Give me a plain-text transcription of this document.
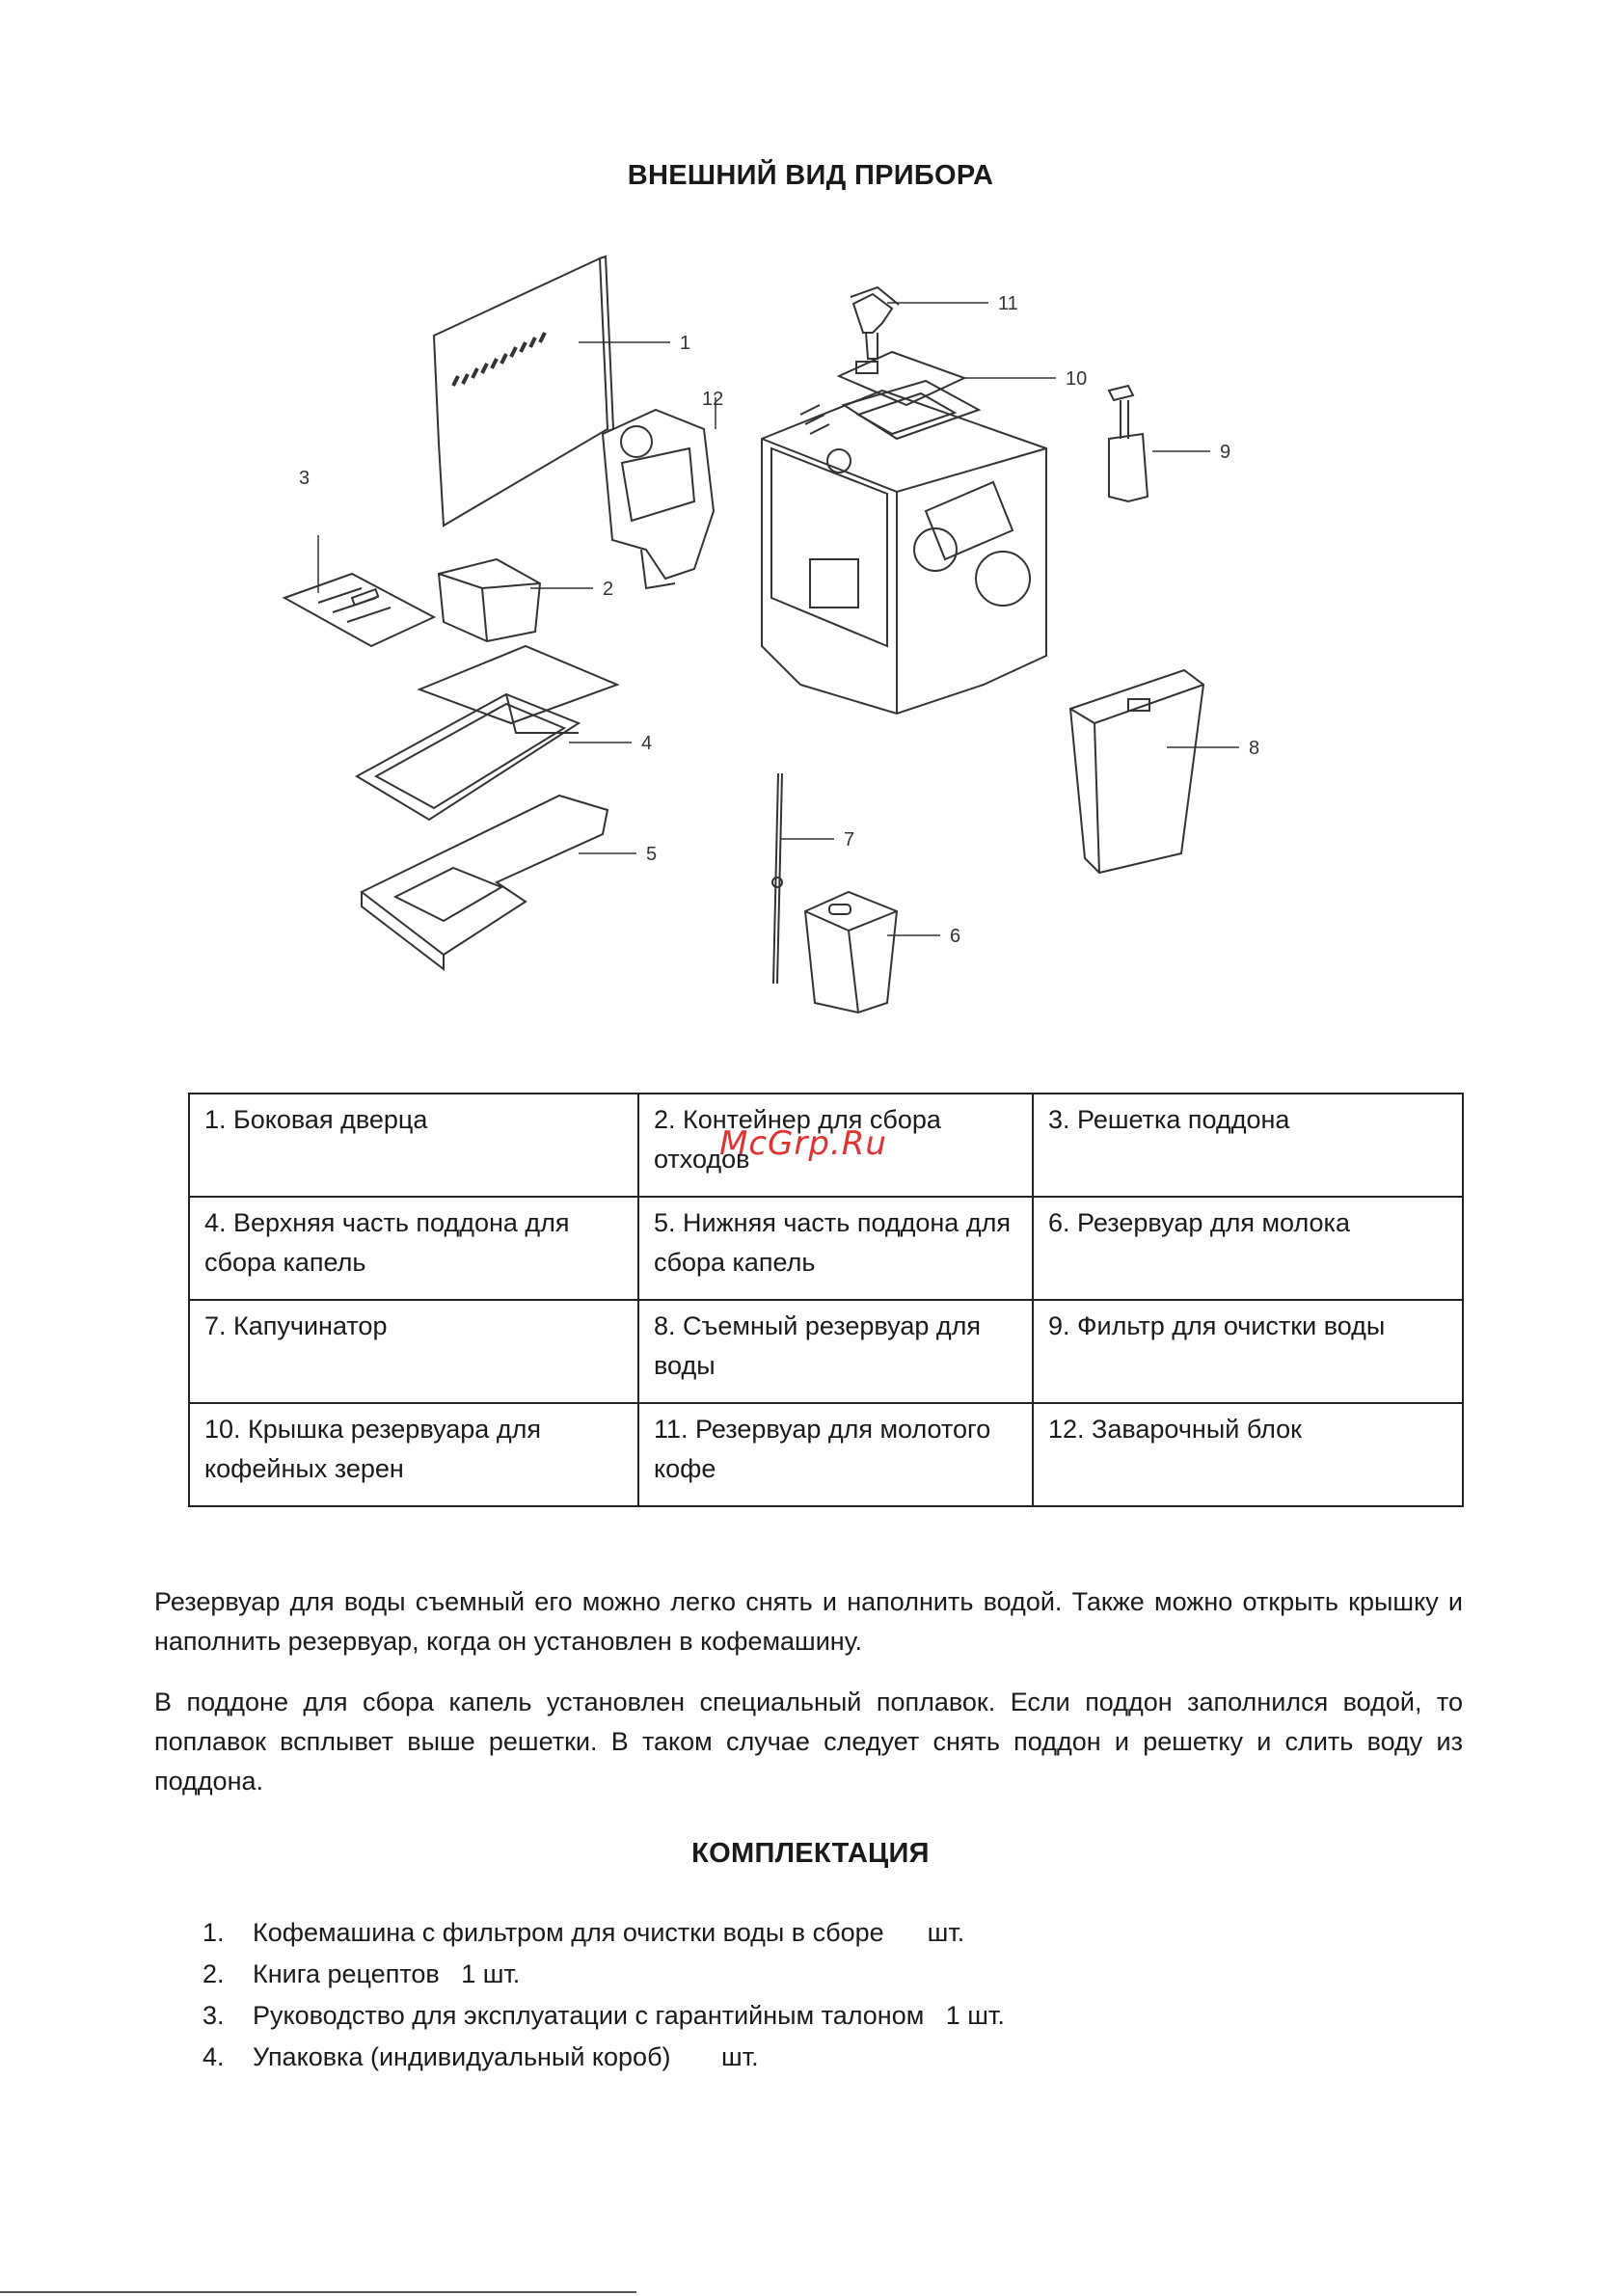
ВНЕШНИЙ ВИД ПРИБОРА
1
2
3
4
5
6
7
8
9
10
11
12
1. Боковая дверца	2. Контейнер для сбора отходов	3. Решетка поддона
4. Верхняя часть поддона для сбора капель	5. Нижняя часть поддона для сбора капель	6. Резервуар для молока
7. Капучинатор	8. Съемный резервуар для воды	9. Фильтр для очистки воды
10. Крышка резервуара для кофейных зерен	11. Резервуар для молотого кофе	12. Заварочный блок
McGrp.Ru
Резервуар для воды съемный его можно легко снять и наполнить водой. Также можно открыть крышку и наполнить резервуар, когда он установлен в кофемашину.
В поддоне для сбора капель установлен специальный поплавок. Если поддон заполнился водой, то поплавок всплывет выше решетки. В таком случае следует снять поддон и решетку и слить воду из поддона.
КОМПЛЕКТАЦИЯ
1.	Кофемашина с фильтром для очистки воды в сборе      шт.
2.	Книга рецептов   1 шт.
3.	Руководство для эксплуатации с гарантийным талоном   1 шт.
4.	Упаковка (индивидуальный короб)       шт.
